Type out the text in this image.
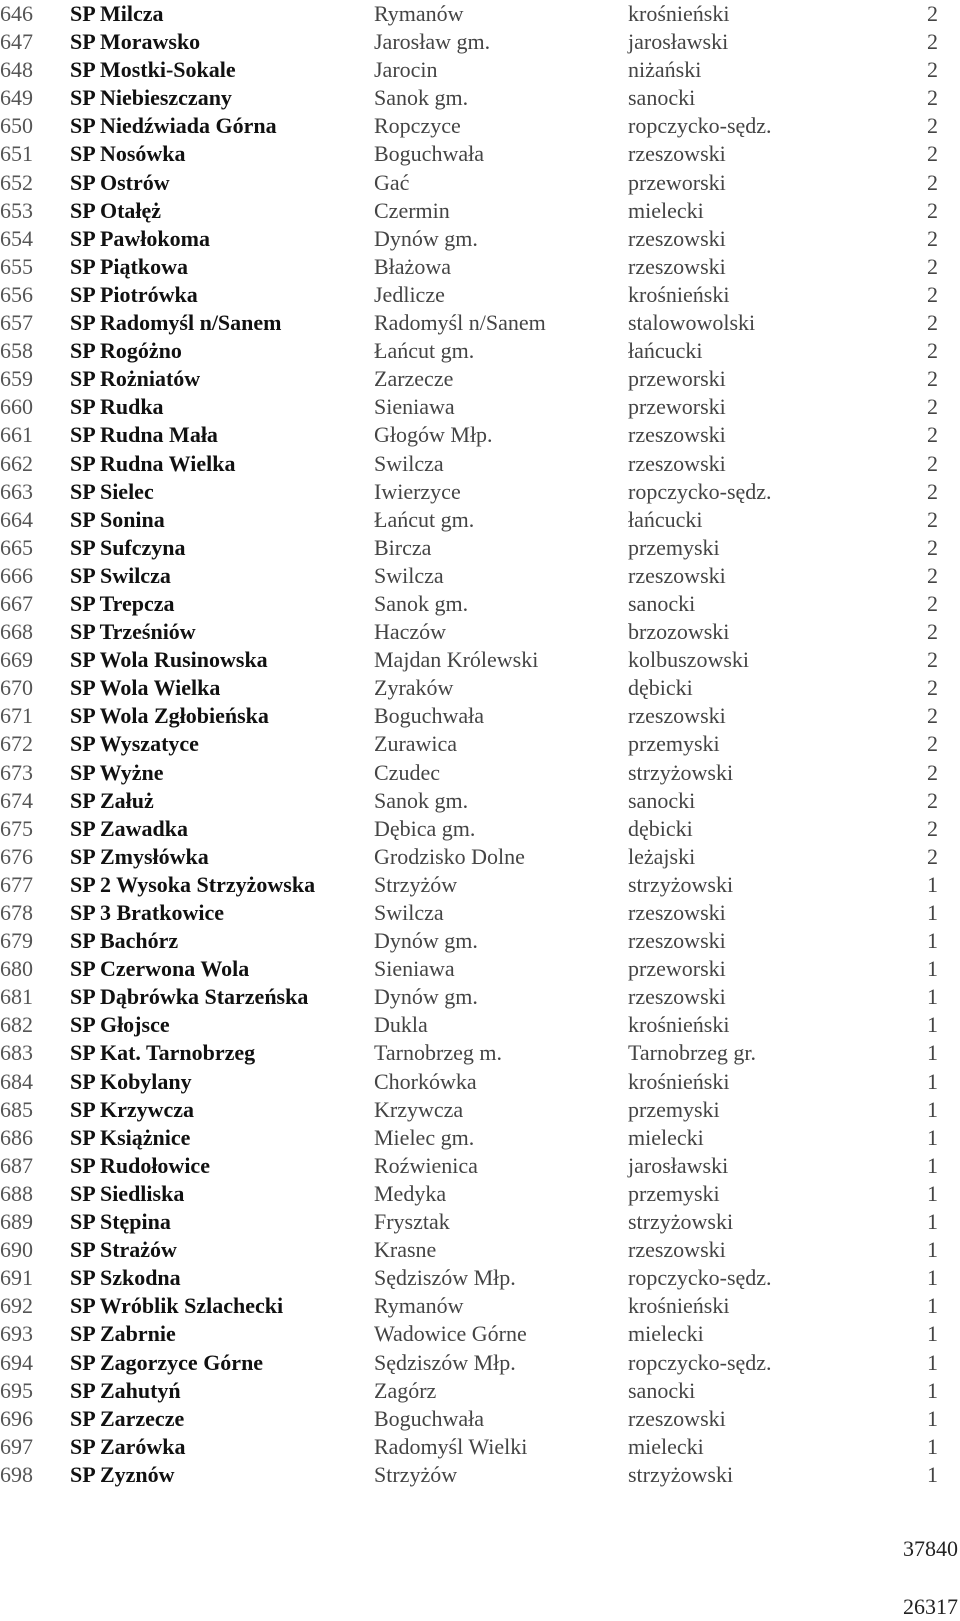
646 SP Milcza	Rymanów	krośnieński	2
647 SP Morawsko	Jarosław gm.	jarosławski	2
648 SP Mostki-Sokale	Jarocin	niżański	2
649 SP Niebieszczany	Sanok gm.	sanocki	2
650 SP Niedźwiada Górna	Ropczyce	ropczycko-sędz.	2
651 SP Nosówka	Boguchwała	rzeszowski	2
652 SP Ostrów	Gać	przeworski	2
653 SP Otałęż	Czermin	mielecki	2
654 SP Pawłokoma	Dynów gm.	rzeszowski	2
655 SP Piątkowa	Błażowa	rzeszowski	2
656 SP Piotrówka	Jedlicze	krośnieński	2
657 SP Radomyśl n/Sanem	Radomyśl n/Sanem	stalowowolski	2
658 SP Rogóżno	Łańcut gm.	łańcucki	2
659 SP Rożniatów	Zarzecze	przeworski	2
660 SP Rudka	Sieniawa	przeworski	2
661 SP Rudna Mała	Głogów Młp.	rzeszowski	2
662 SP Rudna Wielka	Swilcza	rzeszowski	2
663 SP Sielec	Iwierzyce	ropczycko-sędz.	2
664 SP Sonina	Łańcut gm.	łańcucki	2
665 SP Sufczyna	Bircza	przemyski	2
666 SP Swilcza	Swilcza	rzeszowski	2
667 SP Trepcza	Sanok gm.	sanocki	2
668 SP Trześniów	Haczów	brzozowski	2
669 SP Wola Rusinowska	Majdan Królewski	kolbuszowski	2
670 SP Wola Wielka	Zyraków	dębicki	2
671 SP Wola Zgłobieńska	Boguchwała	rzeszowski	2
672 SP Wyszatyce	Zurawica	przemyski	2
673 SP Wyżne	Czudec	strzyżowski	2
674 SP Załuż	Sanok gm.	sanocki	2
675 SP Zawadka	Dębica gm.	dębicki	2
676 SP Zmysłówka	Grodzisko Dolne	leżajski	2
677 SP 2 Wysoka Strzyżowska	Strzyżów	strzyżowski	1
678 SP 3 Bratkowice	Swilcza	rzeszowski	1
679 SP Bachórz	Dynów gm.	rzeszowski	1
680 SP Czerwona Wola	Sieniawa	przeworski	1
681 SP Dąbrówka Starzeńska	Dynów gm.	rzeszowski	1
682 SP Głojsce	Dukla	krośnieński	1
683 SP Kat. Tarnobrzeg	Tarnobrzeg m.	Tarnobrzeg gr.	1
684 SP Kobylany	Chorkówka	krośnieński	1
685 SP Krzywcza	Krzywcza	przemyski	1
686 SP Książnice	Mielec gm.	mielecki	1
687 SP Rudołowice	Roźwienica	jarosławski	1
688 SP Siedliska	Medyka	przemyski	1
689 SP Stępina	Frysztak	strzyżowski	1
690 SP Strażów	Krasne	rzeszowski	1
691 SP Szkodna	Sędziszów Młp.	ropczycko-sędz.	1
692 SP Wróblik Szlachecki	Rymanów	krośnieński	1
693 SP Zabrnie	Wadowice Górne	mielecki	1
694 SP Zagorzyce Górne	Sędziszów Młp.	ropczycko-sędz.	1
695 SP Zahutyń	Zagórz	sanocki	1
696 SP Zarzecze	Boguchwała	rzeszowski	1
697 SP Zarówka	Radomyśl Wielki	mielecki	1
698 SP Zyznów	Strzyżów	strzyżowski	1
37840
26317
